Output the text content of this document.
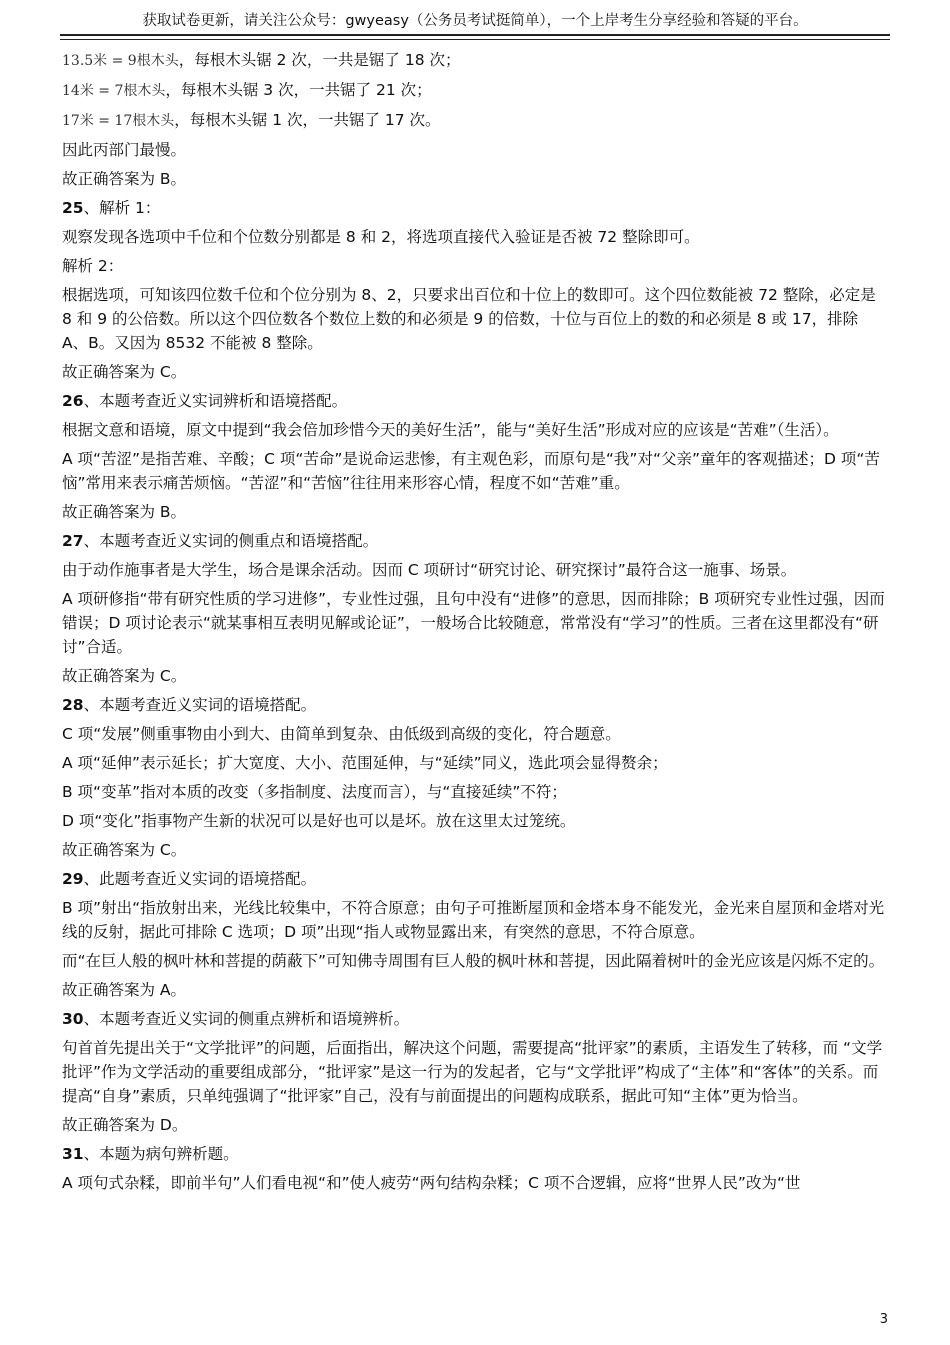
获取试卷更新，请关注公众号：gwyeasy（公务员考试挺简单），一个上岸考生分享经验和答疑的平台。

13.5米 = 9根木头，每根木头锯 2 次，一共是锯了 18 次；

14米 = 7根木头，每根木头锯 3 次，一共锯了 21 次；

17米 = 17根木头，每根木头锯 1 次，一共锯了 17 次。

因此丙部门最慢。

故正确答案为 B。

25、解析 1：

观察发现各选项中千位和个位数分别都是 8 和 2，将选项直接代入验证是否被 72 整除即可。

解析 2：

根据选项，可知该四位数千位和个位分别为 8、2，只要求出百位和十位上的数即可。这个四位数能被 72 整除，必定是 8 和 9 的公倍数。所以这个四位数各个数位上数的和必须是 9 的倍数，十位与百位上的数的和必须是 8 或 17，排除 A、B。又因为 8532 不能被 8 整除。

故正确答案为 C。

26、本题考查近义实词辨析和语境搭配。

根据文意和语境，原文中提到“我会倍加珍惜今天的美好生活”，能与“美好生活”形成对应的应该是“苦难”（生活）。

A 项“苦涩”是指苦难、辛酸；C 项“苦命”是说命运悲惨，有主观色彩，而原句是“我”对“父亲”童年的客观描述；D 项“苦恼”常用来表示痛苦烦恼。“苦涩”和“苦恼”往往用来形容心情，程度不如“苦难”重。

故正确答案为 B。

27、本题考查近义实词的侧重点和语境搭配。

由于动作施事者是大学生，场合是课余活动。因而 C 项研讨“研究讨论、研究探讨”最符合这一施事、场景。

A 项研修指“带有研究性质的学习进修”，专业性过强，且句中没有“进修”的意思，因而排除；B 项研究专业性过强，因而错误；D 项讨论表示“就某事相互表明见解或论证”，一般场合比较随意，常常没有“学习”的性质。三者在这里都没有“研讨”合适。

故正确答案为 C。

28、本题考查近义实词的语境搭配。

C 项“发展”侧重事物由小到大、由简单到复杂、由低级到高级的变化，符合题意。

A 项“延伸”表示延长；扩大宽度、大小、范围延伸，与“延续”同义，选此项会显得赘余；

B 项“变革”指对本质的改变（多指制度、法度而言），与“直接延续”不符；

D 项“变化”指事物产生新的状况可以是好也可以是坏。放在这里太过笼统。

故正确答案为 C。

29、此题考查近义实词的语境搭配。

B 项”射出“指放射出来，光线比较集中，不符合原意；由句子可推断屋顶和金塔本身不能发光，金光来自屋顶和金塔对光线的反射，据此可排除 C 选项；D 项”出现“指人或物显露出来，有突然的意思，不符合原意。

而“在巨人般的枫叶林和菩提的荫蔽下”可知佛寺周围有巨人般的枫叶林和菩提，因此隔着树叶的金光应该是闪烁不定的。

故正确答案为 A。

30、本题考查近义实词的侧重点辨析和语境辨析。

句首首先提出关于“文学批评”的问题，后面指出，解决这个问题，需要提高“批评家”的素质，主语发生了转移，而 “文学批评”作为文学活动的重要组成部分，“批评家”是这一行为的发起者，它与“文学批评”构成了“主体”和“客体”的关系。而提高“自身”素质，只单纯强调了“批评家”自己，没有与前面提出的问题构成联系，据此可知“主体”更为恰当。

故正确答案为 D。

31、本题为病句辨析题。

A 项句式杂糅，即前半句”人们看电视“和”使人疲劳“两句结构杂糅；C 项不合逻辑，应将“世界人民”改为“世

3
